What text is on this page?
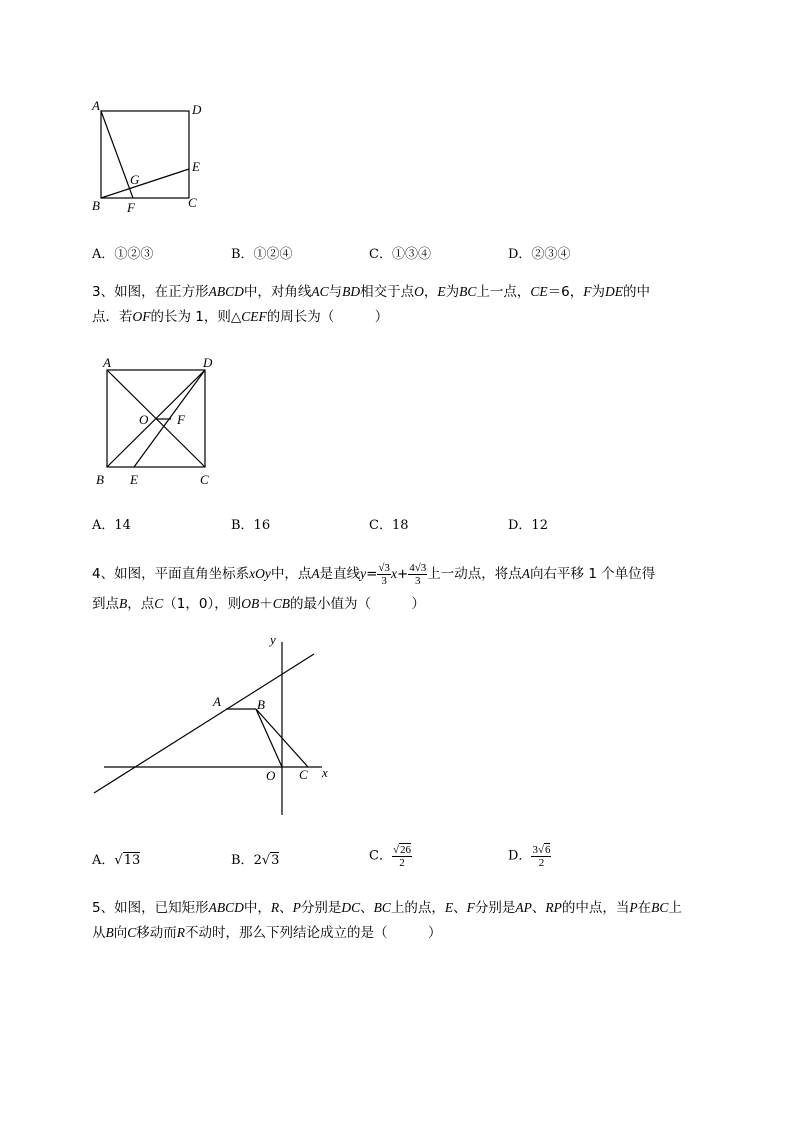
A	D
E
G
B F	C
A．①②③	B．①②④	C．①③④	D．②③④
3、如图，在正方形ABCD中，对角线AC与BD相交于点O，E为BC上一点，CE＝6，F为DE的中
点．若OF的长为 1，则△CEF的周长为（　　　）
A	D
O F
B E	C
A．14	B．16	C．18	D．12
4、如图，平面直角坐标系xOy中，点A是直线$y= \frac{√3}{3} x+ \frac{4√3}{3}$ 上一动点，将点A向右平移 1 个单位得
到点B，点C（1，0），则OB＋CB的最小值为（　　　）
y
A	B
O C x
A．√13	B．2√3	C． $\frac{√26}{2}$	D． $\frac{3√6}{2}$
5、如图，已知矩形ABCD中，R、P分别是DC、BC上的点，E、F分别是AP、RP的中点，当P在BC上
从B向C移动而R不动时，那么下列结论成立的是（　　　）
